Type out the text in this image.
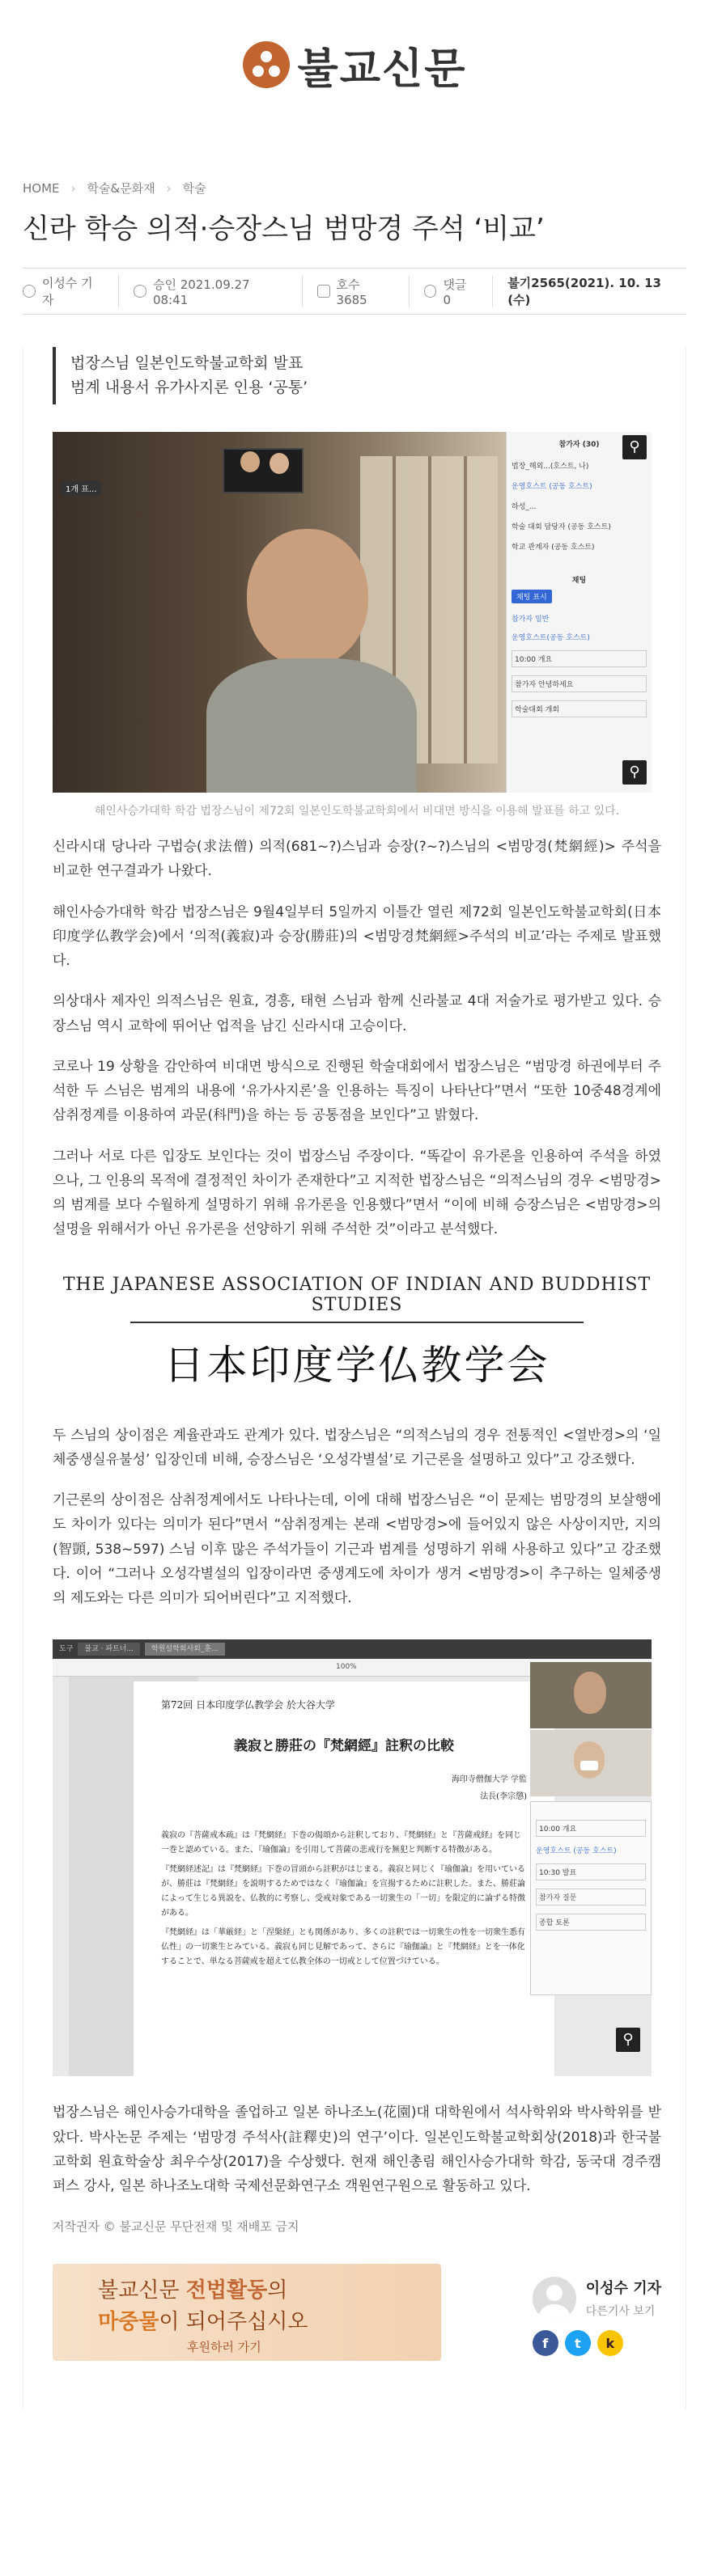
불교신문
HOME › 학술&문화재 › 학술
신라 학승 의적·승장스님 범망경 주석 ‘비교’
이성수 기자
승인 2021.09.27 08:41
호수 3685
댓글 0
불기2565(2021). 10. 13 (수)
법장스님 일본인도학불교학회 발표
범계 내용서 유가사지론 인용 ‘공통’
1개 표...
참가자 (30)	⚲
법장_해외...(호스트, 나)
운영호스트 (공동 호스트)
하성_...
학술 대회 담당자 (공동 호스트)
학교 관계자 (공동 호스트)
채팅
채팅 표시
참가자 일반
운영호스트(공동 호스트)
10:00 개요
참가자 안녕하세요
학술대회 개회
⚲
해인사승가대학 학감 법장스님이 제72회 일본인도학불교학회에서 비대면 방식을 이용해 발표를 하고 있다.
신라시대 당나라 구법승(求法僧) 의적(681~?)스님과 승장(?~?)스님의 <범망경(梵網經)> 주석을 비교한 연구결과가 나왔다.
해인사승가대학 학감 법장스님은 9월4일부터 5일까지 이틀간 열린 제72회 일본인도학불교학회(日本印度学仏教学会)에서 ‘의적(義寂)과 승장(勝莊)의 <범망경梵網經>주석의 비교’라는 주제로 발표했다.
의상대사 제자인 의적스님은 원효, 경흥, 태현 스님과 함께 신라불교 4대 저술가로 평가받고 있다. 승장스님 역시 교학에 뛰어난 업적을 남긴 신라시대 고승이다.
코로나 19 상황을 감안하여 비대면 방식으로 진행된 학술대회에서 법장스님은 “범망경 하권에부터 주석한 두 스님은 범계의 내용에 ‘유가사지론’을 인용하는 특징이 나타난다”면서 “또한 10중48경계에 삼취정계를 이용하여 과문(科門)을 하는 등 공통점을 보인다”고 밝혔다.
그러나 서로 다른 입장도 보인다는 것이 법장스님 주장이다. “똑같이 유가론을 인용하여 주석을 하였으나, 그 인용의 목적에 결정적인 차이가 존재한다”고 지적한 법장스님은 “의적스님의 경우 <범망경>의 범계를 보다 수월하게 설명하기 위해 유가론을 인용했다”면서 “이에 비해 승장스님은 <범망경>의 설명을 위해서가 아닌 유가론을 선양하기 위해 주석한 것”이라고 분석했다.
THE JAPANESE ASSOCIATION OF INDIAN AND BUDDHIST STUDIES
日本印度学仏教学会
두 스님의 상이점은 계율관과도 관계가 있다. 법장스님은 “의적스님의 경우 전통적인 <열반경>의 ‘일체중생실유불성’ 입장인데 비해, 승장스님은 ‘오성각별설’로 기근론을 설명하고 있다”고 강조했다.
기근론의 상이점은 삼취정계에서도 나타나는데, 이에 대해 법장스님은 “이 문제는 범망경의 보살행에도 차이가 있다는 의미가 된다”면서 “삼취정계는 본래 <범망경>에 들어있지 않은 사상이지만, 지의(智顗, 538~597) 스님 이후 많은 주석가들이 기근과 범계를 성명하기 위해 사용하고 있다”고 강조했다. 이어 “그러나 오성각별설의 입장이라면 중생계도에 차이가 생겨 <범망경>이 추구하는 일체중생의 제도와는 다른 의미가 되어버린다”고 지적했다.
도구	불교 · 파트너...	학원설학회사회_훈...
100%
第72回 日本印度学仏教学会 於大谷大学
義寂と勝莊の『梵網經』註釈の比較
海印寺僧伽大学 学監
法長(李宗懲)
義寂の『菩薩戒本疏』は『梵網経』下巻の偈頌から註釈しており、『梵網経』と『菩薩戒経』を同じ一巻と認めている。また、『瑜伽論』を引用して菩薩の悲戒行を無犯と判断する特徴がある。
『梵網経述記』は『梵網経』下巻の冒頭から註釈がはじまる。義寂と同じく『瑜伽論』を用いているが、勝莊は『梵網経』を説明するためではなく『瑜伽論』を宣揚するために註釈した。また、勝莊論によって生じる異説を、仏教的に考察し、受戒対象である一切衆生の「一切」を限定的に論ずる特徴がある。
『梵網経』は「華厳経」と「涅槃経」とも関係があり、多くの註釈では一切衆生の性を一切衆生悉有仏性」の一切衆生とみている。義寂も同じ見解であって、さらに『瑜伽論』と『梵網経』とを一体化することで、単なる菩薩戒を超えて仏教全体の一切戒として位置づけている。
10:00 개요
운영호스트 (공동 호스트)
10:30 발표
참가자 질문
종합 토론
⚲
법장스님은 해인사승가대학을 졸업하고 일본 하나조노(花園)대 대학원에서 석사학위와 박사학위를 받았다. 박사논문 주제는 ‘범망경 주석사(註釋史)의 연구’이다. 일본인도학불교학회상(2018)과 한국불교학회 원효학술상 최우수상(2017)을 수상했다. 현재 해인총림 해인사승가대학 학감, 동국대 경주캠퍼스 강사, 일본 하나조노대학 국제선문화연구소 객원연구원으로 활동하고 있다.
저작권자 © 불교신문 무단전재 및 재배포 금지
불교신문 전법활동의
마중물이 되어주십시오
후원하러 가기
이성수 기자
다른기사 보기
f	t	k
